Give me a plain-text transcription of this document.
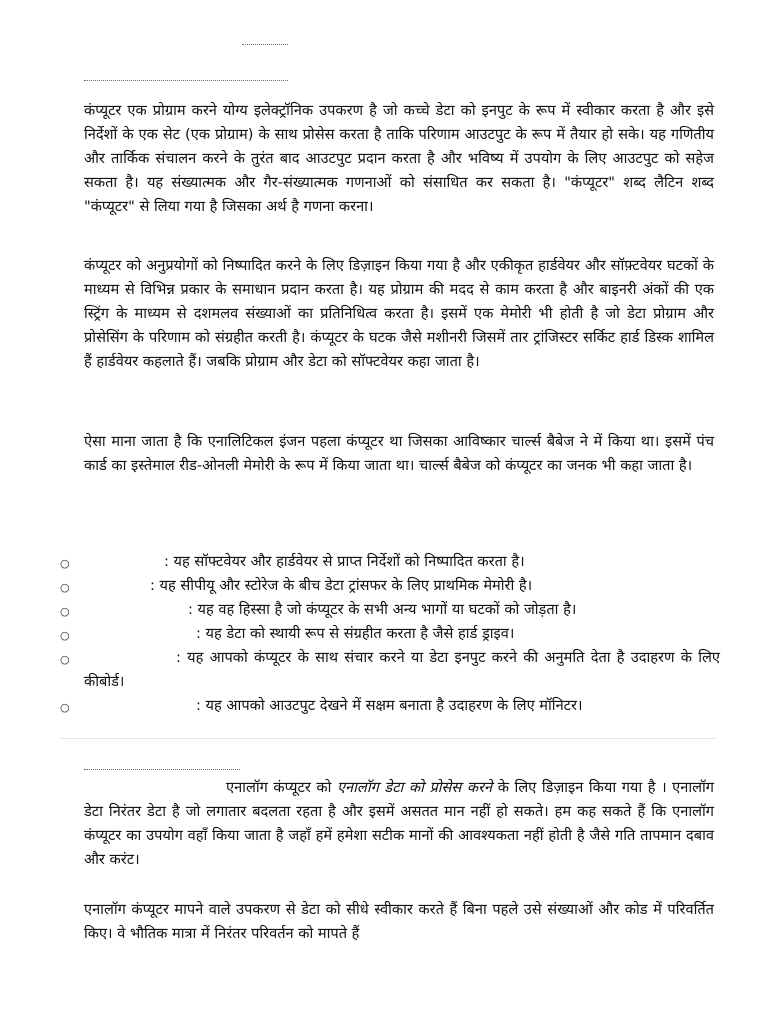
कंप्यूटर एक प्रोग्राम करने योग्य इलेक्ट्रॉनिक उपकरण है जो कच्चे डेटा को इनपुट के रूप में स्वीकार करता है और इसे निर्देशों के एक सेट (एक प्रोग्राम) के साथ प्रोसेस करता है ताकि परिणाम आउटपुट के रूप में तैयार हो सके। यह गणितीय और तार्किक संचालन करने के तुरंत बाद आउटपुट प्रदान करता है और भविष्य में उपयोग के लिए आउटपुट को सहेज सकता है। यह संख्यात्मक और गैर-संख्यात्मक गणनाओं को संसाधित कर सकता है। "कंप्यूटर" शब्द लैटिन शब्द "कंप्यूटर" से लिया गया है जिसका अर्थ है गणना करना।

कंप्यूटर को अनुप्रयोगों को निष्पादित करने के लिए डिज़ाइन किया गया है और एकीकृत हार्डवेयर और सॉफ़्टवेयर घटकों के माध्यम से विभिन्न प्रकार के समाधान प्रदान करता है। यह प्रोग्राम की मदद से काम करता है और बाइनरी अंकों की एक स्ट्रिंग के माध्यम से दशमलव संख्याओं का प्रतिनिधित्व करता है। इसमें एक मेमोरी भी होती है जो डेटा प्रोग्राम और प्रोसेसिंग के परिणाम को संग्रहीत करती है। कंप्यूटर के घटक जैसे मशीनरी जिसमें तार ट्रांजिस्टर सर्किट हार्ड डिस्क शामिल हैं हार्डवेयर कहलाते हैं। जबकि प्रोग्राम और डेटा को सॉफ्टवेयर कहा जाता है।

ऐसा माना जाता है कि एनालिटिकल इंजन पहला कंप्यूटर था जिसका आविष्कार चार्ल्स बैबेज ने में किया था। इसमें पंच कार्ड का इस्तेमाल रीड-ओनली मेमोरी के रूप में किया जाता था। चार्ल्स बैबेज को कंप्यूटर का जनक भी कहा जाता है।

○	: यह सॉफ्टवेयर और हार्डवेयर से प्राप्त निर्देशों को निष्पादित करता है।
○	: यह सीपीयू और स्टोरेज के बीच डेटा ट्रांसफर के लिए प्राथमिक मेमोरी है।
○	: यह वह हिस्सा है जो कंप्यूटर के सभी अन्य भागों या घटकों को जोड़ता है।
○	: यह डेटा को स्थायी रूप से संग्रहीत करता है जैसे हार्ड ड्राइव।
○	: यह आपको कंप्यूटर के साथ संचार करने या डेटा इनपुट करने की अनुमति देता है उदाहरण के लिए कीबोर्ड।
○	: यह आपको आउटपुट देखने में सक्षम बनाता है उदाहरण के लिए मॉनिटर।

एनालॉग कंप्यूटर को एनालॉग डेटा को प्रोसेस करने के लिए डिज़ाइन किया गया है । एनालॉग डेटा निरंतर डेटा है जो लगातार बदलता रहता है और इसमें असतत मान नहीं हो सकते। हम कह सकते हैं कि एनालॉग कंप्यूटर का उपयोग वहाँ किया जाता है जहाँ हमें हमेशा सटीक मानों की आवश्यकता नहीं होती है जैसे गति तापमान दबाव और करंट।

एनालॉग कंप्यूटर मापने वाले उपकरण से डेटा को सीधे स्वीकार करते हैं बिना पहले उसे संख्याओं और कोड में परिवर्तित किए। वे भौतिक मात्रा में निरंतर परिवर्तन को मापते हैं
